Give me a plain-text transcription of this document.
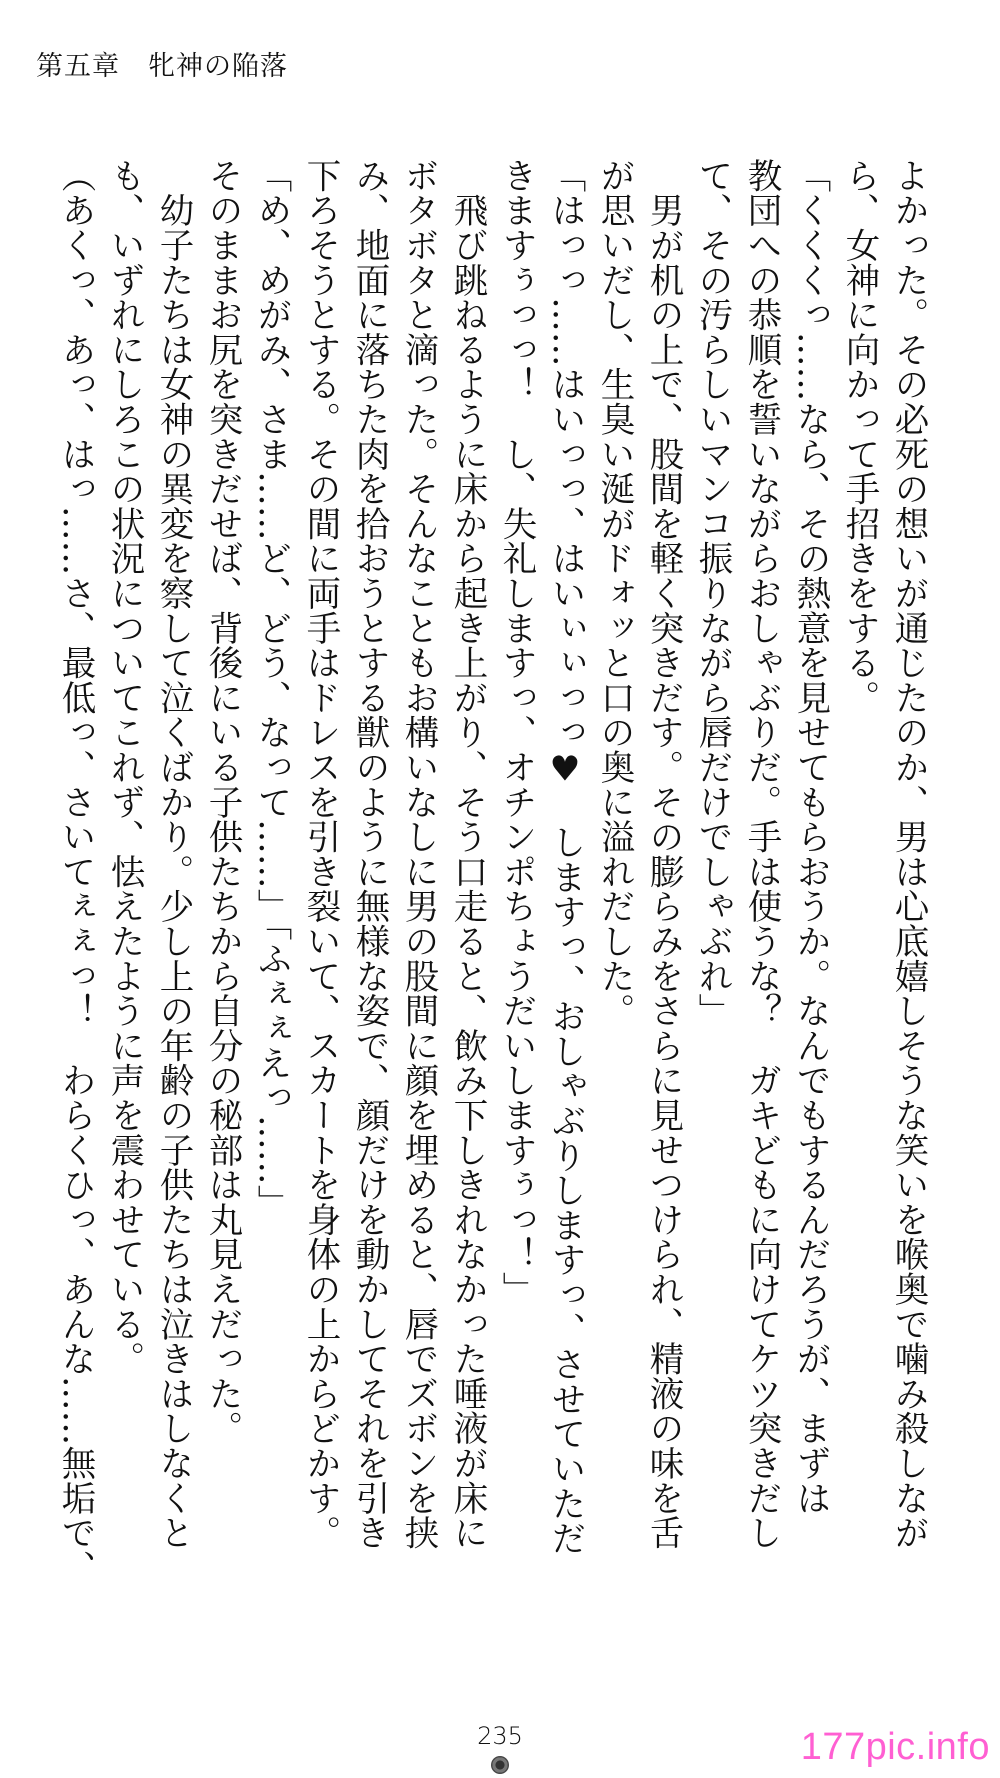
第五章　牝神の陥落
よかった。その必死の想いが通じたのか、男は心底嬉しそうな笑いを喉奥で噛み殺しなが
ら、女神に向かって手招きをする。
「くくくっ……なら、その熱意を見せてもらおうか。なんでもするんだろうが、まずは
教団への恭順を誓いながらおしゃぶりだ。手は使うな？　ガキどもに向けてケツ突きだし
て、その汚らしいマンコ振りながら唇だけでしゃぶれ」
　男が机の上で、股間を軽く突きだす。その膨らみをさらに見せつけられ、精液の味を舌
が思いだし、生臭い涎がドォッと口の奥に溢れだした。
「はっっ……はいっっ、はいぃぃっっ♥　しますっ、おしゃぶりしますっ、させていただ
きますぅっっ！　し、失礼しますっ、オチンポちょうだいしますぅっ！」
　飛び跳ねるように床から起き上がり、そう口走ると、飲み下しきれなかった唾液が床に
ボタボタと滴った。そんなこともお構いなしに男の股間に顔を埋めると、唇でズボンを挟
み、地面に落ちた肉を拾おうとする獣のように無様な姿で、顔だけを動かしてそれを引き
下ろそうとする。その間に両手はドレスを引き裂いて、スカートを身体の上からどかす。
「め、めがみ、さま……ど、どう、なって……」「ふぇぇえっ……」
そのままお尻を突きだせば、背後にいる子供たちから自分の秘部は丸見えだった。
　幼子たちは女神の異変を察して泣くばかり。少し上の年齢の子供たちは泣きはしなくと
も、いずれにしろこの状況についてこれず、怯えたように声を震わせている。
（あくっ、あっ、はっ……さ、最低っ、さいてぇぇっ！　わらくひっ、あんな……無垢で、
235	177pic.info
